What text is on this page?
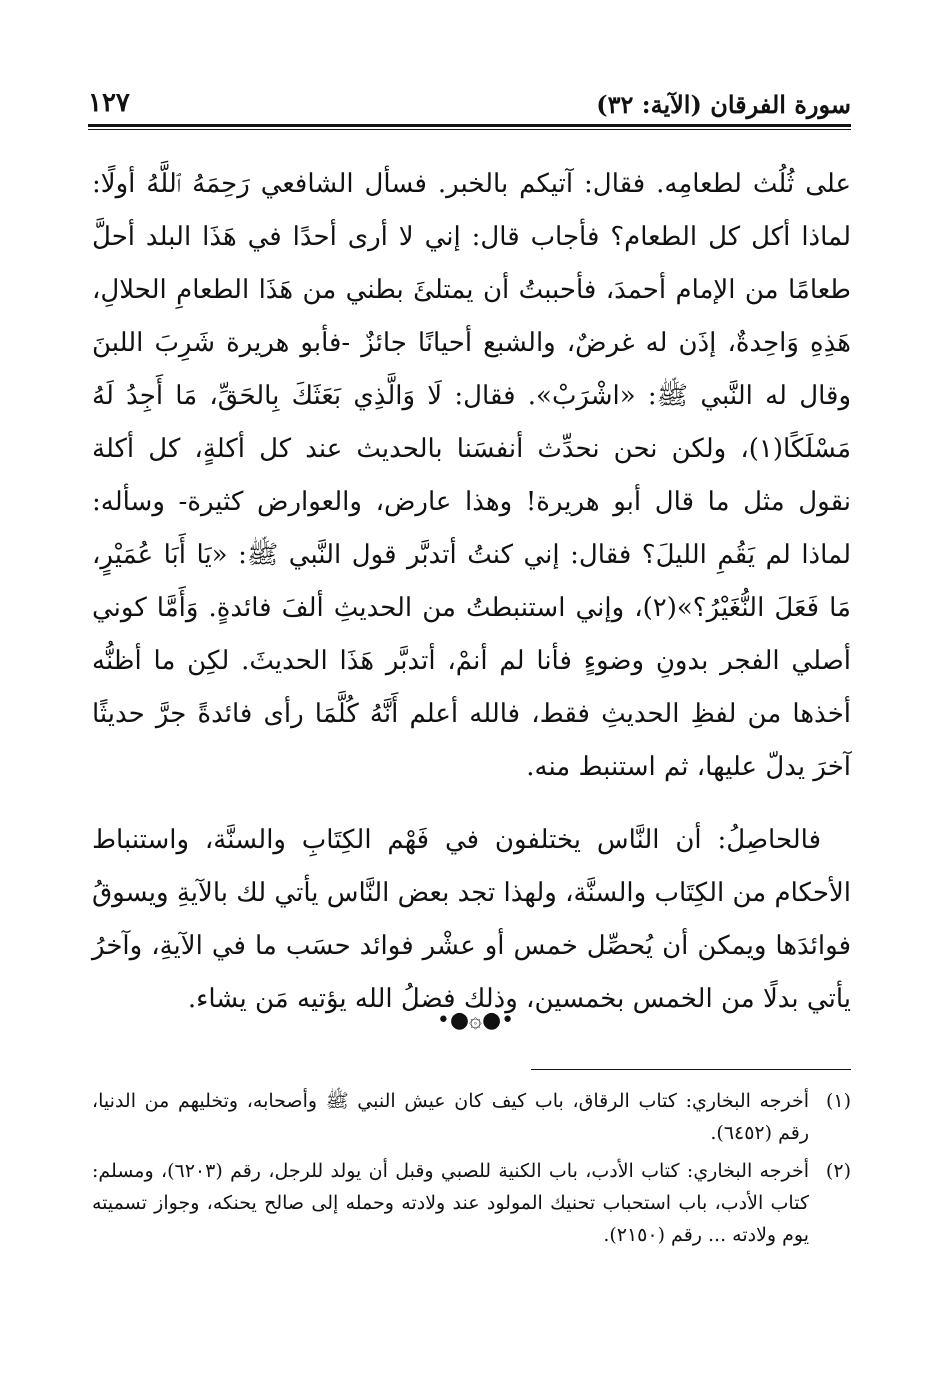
سورة الفرقان (الآية: ٣٢)
١٢٧

على ثُلُث لطعامِه. فقال: آتيكم بالخبر. فسأل الشافعي رَحِمَهُ ٱللَّهُ أولًا: لماذا أكل كل الطعام؟ فأجاب قال: إني لا أرى أحدًا في هَذَا البلد أحلَّ طعامًا من الإمام أحمدَ، فأحببتُ أن يمتلئَ بطني من هَذَا الطعامِ الحلالِ، هَذِهِ وَاحِدةٌ، إذَن له غرضٌ، والشبع أحيانًا جائزٌ -فأبو هريرة شَرِبَ اللبنَ وقال له النَّبي ﷺ: «اشْرَبْ». فقال: لَا وَالَّذِي بَعَثَكَ بِالحَقِّ، مَا أَجِدُ لَهُ مَسْلَكًا(١)، ولكن نحن نحدِّث أنفسَنا بالحديث عند كل أكلةٍ، كل أكلة نقول مثل ما قال أبو هريرة! وهذا عارض، والعوارض كثيرة- وسأله: لماذا لم يَقُمِ الليلَ؟ فقال: إني كنتُ أتدبَّر قول النَّبي ﷺ: «يَا أَبَا عُمَيْرٍ، مَا فَعَلَ النُّغَيْرُ؟»(٢)، وإني استنبطتُ من الحديثِ ألفَ فائدةٍ. وَأَمَّا كوني أصلي الفجر بدونِ وضوءٍ فأنا لم أنمْ، أتدبَّر هَذَا الحديثَ. لكِن ما أظنُّه أخذها من لفظِ الحديثِ فقط، فالله أعلم أَنَّهُ كُلَّمَا رأى فائدةً جرَّ حديثًا آخرَ يدلّ عليها، ثم استنبط منه.

فالحاصِلُ: أن النَّاس يختلفون في فَهْم الكِتَابِ والسنَّة، واستنباط الأحكام من الكِتَاب والسنَّة، ولهذا تجد بعض النَّاس يأتي لك بالآيةِ ويسوقُ فوائدَها ويمكن أن يُحصِّل خمس أو عشْر فوائد حسَب ما في الآيةِ، وآخرُ يأتي بدلًا من الخمس بخمسين، وذلك فضلُ الله يؤتيه مَن يشاء.

•●۞●•

(١)أخرجه البخاري: كتاب الرقاق، باب كيف كان عيش النبي ﷺ وأصحابه، وتخليهم من الدنيا، رقم (٦٤٥٢).

(٢)أخرجه البخاري: كتاب الأدب، باب الكنية للصبي وقبل أن يولد للرجل، رقم (٦٢٠٣)، ومسلم: كتاب الأدب، باب استحباب تحنيك المولود عند ولادته وحمله إلى صالح يحنكه، وجواز تسميته يوم ولادته ... رقم (٢١٥٠).
